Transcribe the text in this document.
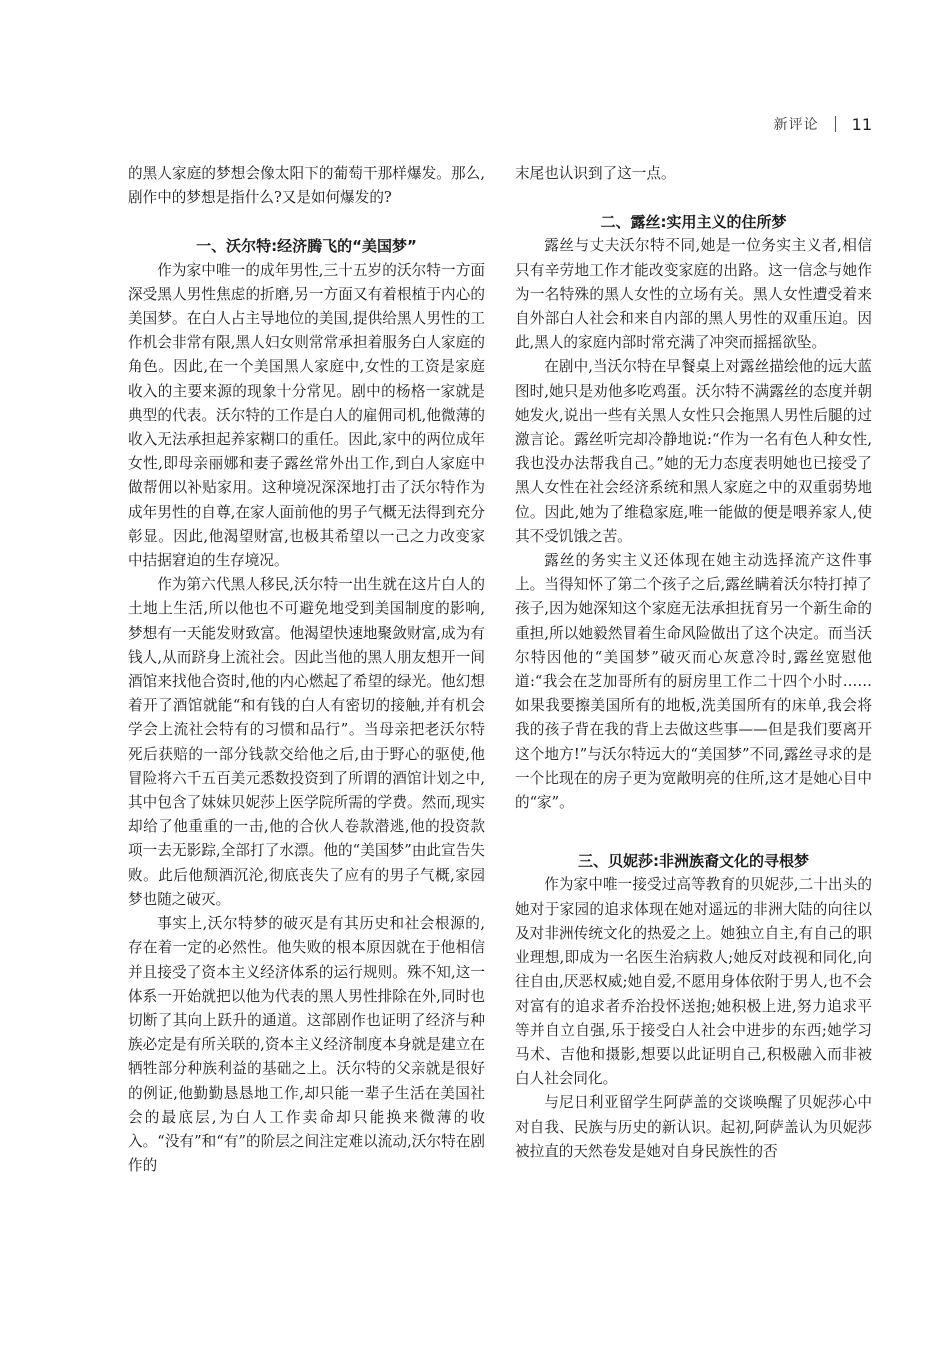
新评论 11

的黑人家庭的梦想会像太阳下的葡萄干那样爆发。那么,剧作中的梦想是指什么?又是如何爆发的?

一、沃尔特:经济腾飞的“美国梦”

作为家中唯一的成年男性,三十五岁的沃尔特一方面深受黑人男性焦虑的折磨,另一方面又有着根植于内心的美国梦。在白人占主导地位的美国,提供给黑人男性的工作机会非常有限,黑人妇女则常常承担着服务白人家庭的角色。因此,在一个美国黑人家庭中,女性的工资是家庭收入的主要来源的现象十分常见。剧中的杨格一家就是典型的代表。沃尔特的工作是白人的雇佣司机,他微薄的收入无法承担起养家糊口的重任。因此,家中的两位成年女性,即母亲丽娜和妻子露丝常外出工作,到白人家庭中做帮佣以补贴家用。这种境况深深地打击了沃尔特作为成年男性的自尊,在家人面前他的男子气概无法得到充分彰显。因此,他渴望财富,也极其希望以一己之力改变家中拮据窘迫的生存境况。

作为第六代黑人移民,沃尔特一出生就在这片白人的土地上生活,所以他也不可避免地受到美国制度的影响,梦想有一天能发财致富。他渴望快速地聚敛财富,成为有钱人,从而跻身上流社会。因此当他的黑人朋友想开一间酒馆来找他合资时,他的内心燃起了希望的绿光。他幻想着开了酒馆就能“和有钱的白人有密切的接触,并有机会学会上流社会特有的习惯和品行”。当母亲把老沃尔特死后获赔的一部分钱款交给他之后,由于野心的驱使,他冒险将六千五百美元悉数投资到了所谓的酒馆计划之中,其中包含了妹妹贝妮莎上医学院所需的学费。然而,现实却给了他重重的一击,他的合伙人卷款潜逃,他的投资款项一去无影踪,全部打了水漂。他的“美国梦”由此宣告失败。此后他颓酒沉沦,彻底丧失了应有的男子气概,家园梦也随之破灭。

事实上,沃尔特梦的破灭是有其历史和社会根源的,存在着一定的必然性。他失败的根本原因就在于他相信并且接受了资本主义经济体系的运行规则。殊不知,这一体系一开始就把以他为代表的黑人男性排除在外,同时也切断了其向上跃升的通道。这部剧作也证明了经济与种族必定是有所关联的,资本主义经济制度本身就是建立在牺牲部分种族利益的基础之上。沃尔特的父亲就是很好的例证,他勤勤恳恳地工作,却只能一辈子生活在美国社会的最底层,为白人工作卖命却只能换来微薄的收入。“没有”和“有”的阶层之间注定难以流动,沃尔特在剧作的

末尾也认识到了这一点。

二、露丝:实用主义的住所梦

露丝与丈夫沃尔特不同,她是一位务实主义者,相信只有辛劳地工作才能改变家庭的出路。这一信念与她作为一名特殊的黑人女性的立场有关。黑人女性遭受着来自外部白人社会和来自内部的黑人男性的双重压迫。因此,黑人的家庭内部时常充满了冲突而摇摇欲坠。

在剧中,当沃尔特在早餐桌上对露丝描绘他的远大蓝图时,她只是劝他多吃鸡蛋。沃尔特不满露丝的态度并朝她发火,说出一些有关黑人女性只会拖黑人男性后腿的过激言论。露丝听完却冷静地说:“作为一名有色人种女性,我也没办法帮我自己。”她的无力态度表明她也已接受了黑人女性在社会经济系统和黑人家庭之中的双重弱势地位。因此,她为了维稳家庭,唯一能做的便是喂养家人,使其不受饥饿之苦。

露丝的务实主义还体现在她主动选择流产这件事上。当得知怀了第二个孩子之后,露丝瞒着沃尔特打掉了孩子,因为她深知这个家庭无法承担抚育另一个新生命的重担,所以她毅然冒着生命风险做出了这个决定。而当沃尔特因他的“美国梦”破灭而心灰意冷时,露丝宽慰他道:“我会在芝加哥所有的厨房里工作二十四个小时……如果我要擦美国所有的地板,洗美国所有的床单,我会将我的孩子背在我的背上去做这些事——但是我们要离开这个地方!”与沃尔特远大的“美国梦”不同,露丝寻求的是一个比现在的房子更为宽敞明亮的住所,这才是她心目中的“家”。

三、贝妮莎:非洲族裔文化的寻根梦

作为家中唯一接受过高等教育的贝妮莎,二十出头的她对于家园的追求体现在她对遥远的非洲大陆的向往以及对非洲传统文化的热爱之上。她独立自主,有自己的职业理想,即成为一名医生治病救人;她反对歧视和同化,向往自由,厌恶权威;她自爱,不愿用身体依附于男人,也不会对富有的追求者乔治投怀送抱;她积极上进,努力追求平等并自立自强,乐于接受白人社会中进步的东西;她学习马术、吉他和摄影,想要以此证明自己,积极融入而非被白人社会同化。

与尼日利亚留学生阿萨盖的交谈唤醒了贝妮莎心中对自我、民族与历史的新认识。起初,阿萨盖认为贝妮莎被拉直的天然卷发是她对自身民族性的否
